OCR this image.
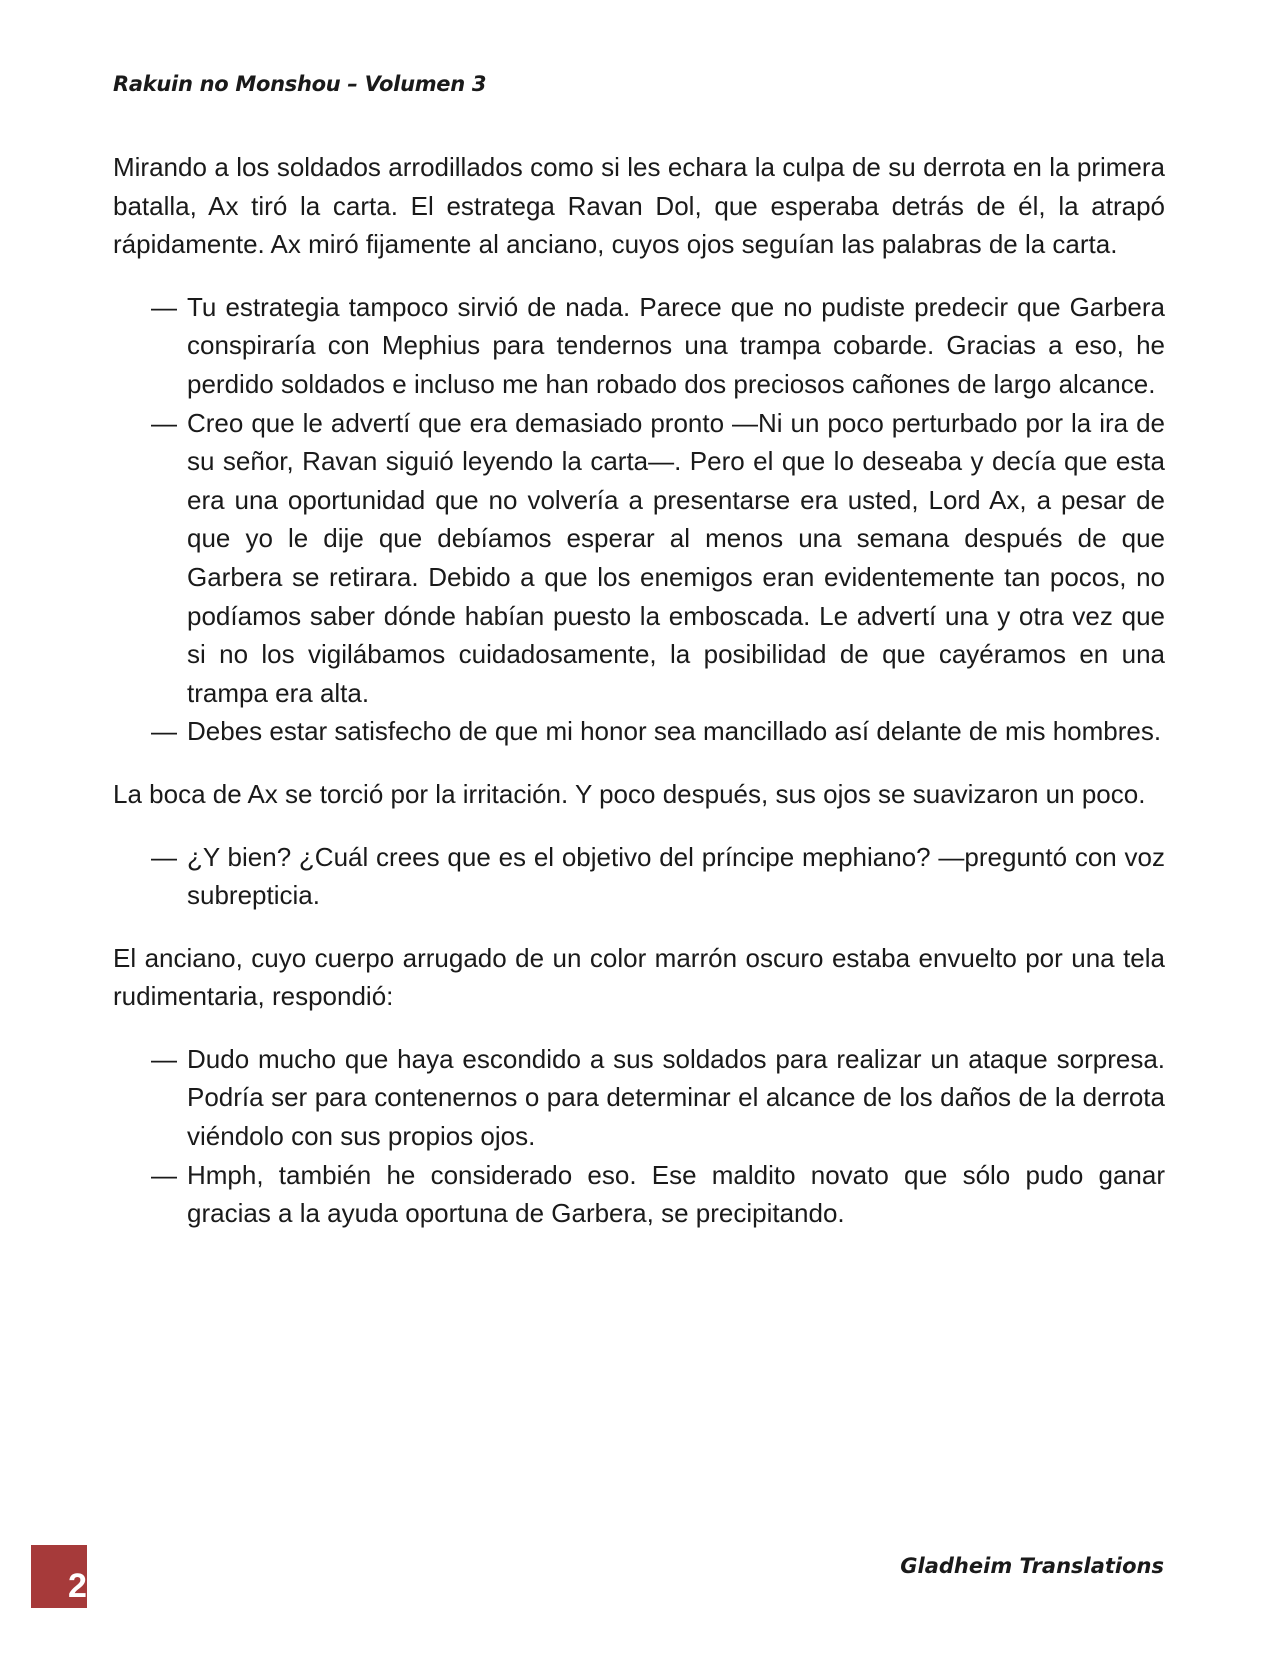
Rakuin no Monshou – Volumen 3

Mirando a los soldados arrodillados como si les echara la culpa de su derrota en la primera batalla, Ax tiró la carta. El estratega Ravan Dol, que esperaba detrás de él, la atrapó rápidamente. Ax miró fijamente al anciano, cuyos ojos seguían las palabras de la carta.

— Tu estrategia tampoco sirvió de nada. Parece que no pudiste predecir que Garbera conspiraría con Mephius para tendernos una trampa cobarde. Gracias a eso, he perdido soldados e incluso me han robado dos preciosos cañones de largo alcance.

— Creo que le advertí que era demasiado pronto —Ni un poco perturbado por la ira de su señor, Ravan siguió leyendo la carta—. Pero el que lo deseaba y decía que esta era una oportunidad que no volvería a presentarse era usted, Lord Ax, a pesar de que yo le dije que debíamos esperar al menos una semana después de que Garbera se retirara. Debido a que los enemigos eran evidentemente tan pocos, no podíamos saber dónde habían puesto la emboscada. Le advertí una y otra vez que si no los vigilábamos cuidadosamente, la posibilidad de que cayéramos en una trampa era alta.

— Debes estar satisfecho de que mi honor sea mancillado así delante de mis hombres.

La boca de Ax se torció por la irritación. Y poco después, sus ojos se suavizaron un poco.

— ¿Y bien? ¿Cuál crees que es el objetivo del príncipe mephiano? —preguntó con voz subrepticia.

El anciano, cuyo cuerpo arrugado de un color marrón oscuro estaba envuelto por una tela rudimentaria, respondió:

— Dudo mucho que haya escondido a sus soldados para realizar un ataque sorpresa. Podría ser para contenernos o para determinar el alcance de los daños de la derrota viéndolo con sus propios ojos.

— Hmph, también he considerado eso. Ese maldito novato que sólo pudo ganar gracias a la ayuda oportuna de Garbera, se precipitando.

2
Gladheim Translations
